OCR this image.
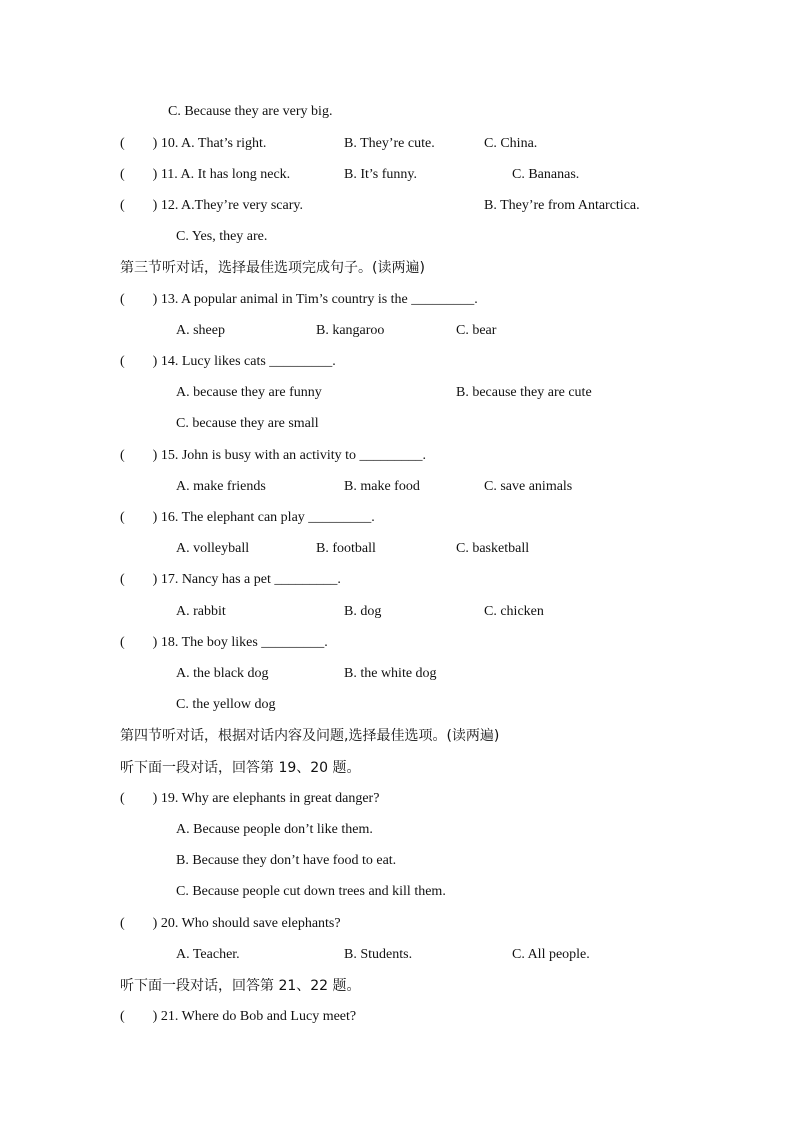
C. Because they are very big.
(　　) 10. A. That’s right.	B. They’re cute.	C. China.
(　　) 11. A. It has long neck.	B. It’s funny.	C. Bananas.
(　　) 12. A.They’re very scary.	B. They’re from Antarctica.
C. Yes, they are.
第三节听对话，选择最佳选项完成句子。(读两遍)
(　　) 13. A popular animal in Tim’s country is the _________.
A. sheep	B. kangaroo	C. bear
(　　) 14. Lucy likes cats _________.
A. because they are funny	B. because they are cute
C. because they are small
(　　) 15. John is busy with an activity to _________.
A. make friends	B. make food	C. save animals
(　　) 16. The elephant can play _________.
A. volleyball	B. football	C. basketball
(　　) 17. Nancy has a pet _________.
A. rabbit	B. dog	C. chicken
(　　) 18. The boy likes _________.
A. the black dog	B. the white dog
C. the yellow dog
第四节听对话，根据对话内容及问题,选择最佳选项。(读两遍)
听下面一段对话，回答第 19、20 题。
(　　) 19. Why are elephants in great danger?
A. Because people don’t like them.
B. Because they don’t have food to eat.
C. Because people cut down trees and kill them.
(　　) 20. Who should save elephants?
A. Teacher.	B. Students.	C. All people.
听下面一段对话，回答第 21、22 题。
(　　) 21. Where do Bob and Lucy meet?
